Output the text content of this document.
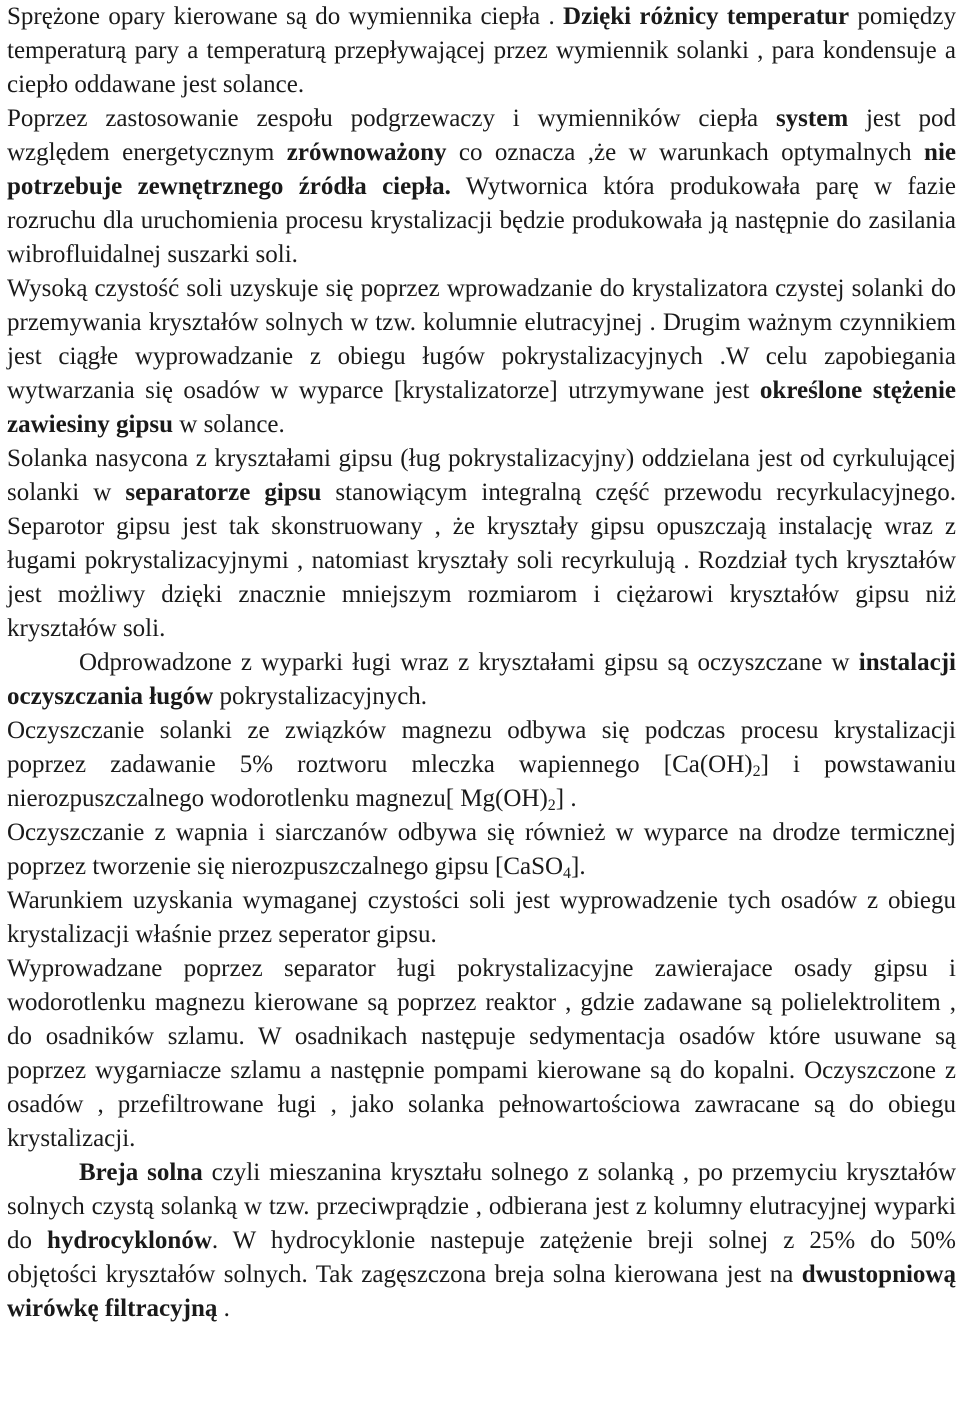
Sprężone opary kierowane są do wymiennika ciepła . Dzięki różnicy temperatur pomiędzy temperaturą pary a temperaturą przepływającej przez wymiennik solanki , para kondensuje a ciepło oddawane jest solance.

Poprzez zastosowanie zespołu podgrzewaczy i wymienników ciepła system jest pod względem energetycznym zrównoważony co oznacza ,że w warunkach optymalnych nie potrzebuje zewnętrznego źródła ciepła. Wytwornica która produkowała parę w fazie rozruchu dla uruchomienia procesu krystalizacji będzie produkowała ją następnie do zasilania wibrofluidalnej suszarki soli.

Wysoką czystość soli uzyskuje się poprzez wprowadzanie do krystalizatora czystej solanki do przemywania kryształów solnych w tzw. kolumnie elutracyjnej . Drugim ważnym czynnikiem jest ciągłe wyprowadzanie z obiegu ługów pokrystalizacyjnych .W celu zapobiegania wytwarzania się osadów w wyparce [krystalizatorze] utrzymywane jest określone stężenie zawiesiny gipsu w solance.

Solanka nasycona z kryształami gipsu (ług pokrystalizacyjny) oddzielana jest od cyrkulującej solanki w separatorze gipsu stanowiącym integralną część przewodu recyrkulacyjnego. Separotor gipsu jest tak skonstruowany , że kryształy gipsu opuszczają instalację wraz z ługami pokrystalizacyjnymi , natomiast kryształy soli recyrkulują . Rozdział tych kryształów jest możliwy dzięki znacznie mniejszym rozmiarom i ciężarowi kryształów gipsu niż kryształów soli.

Odprowadzone z wyparki ługi wraz z kryształami gipsu są oczyszczane w instalacji oczyszczania ługów pokrystalizacyjnych.

Oczyszczanie solanki ze związków magnezu odbywa się podczas procesu krystalizacji poprzez zadawanie 5% roztworu mleczka wapiennego $[Ca(OH)_2]$ i powstawaniu nierozpuszczalnego wodorotlenku magnezu[ $Mg(OH)_2$] .

Oczyszczanie z wapnia i siarczanów odbywa się również w wyparce na drodze termicznej poprzez tworzenie się nierozpuszczalnego gipsu [CaSO$_4$].

Warunkiem uzyskania wymaganej czystości soli jest wyprowadzenie tych osadów z obiegu krystalizacji właśnie przez seperator gipsu.

Wyprowadzane poprzez separator ługi pokrystalizacyjne zawierajace osady gipsu i wodorotlenku magnezu kierowane są poprzez reaktor , gdzie zadawane są polielektrolitem , do osadników szlamu. W osadnikach następuje sedymentacja osadów które usuwane są poprzez wygarniacze szlamu a następnie pompami kierowane są do kopalni. Oczyszczone z osadów , przefiltrowane ługi , jako solanka pełnowartościowa zawracane są do obiegu krystalizacji.

Breja solna czyli mieszanina kryształu solnego z solanką , po przemyciu kryształów solnych czystą solanką w tzw. przeciwprądzie , odbierana jest z kolumny elutracyjnej wyparki do hydrocyklonów. W hydrocyklonie nastepuje zatężenie breji solnej z 25% do 50% objętości kryształów solnych. Tak zagęszczona breja solna kierowana jest na dwustopniową wirówkę filtracyjną .
